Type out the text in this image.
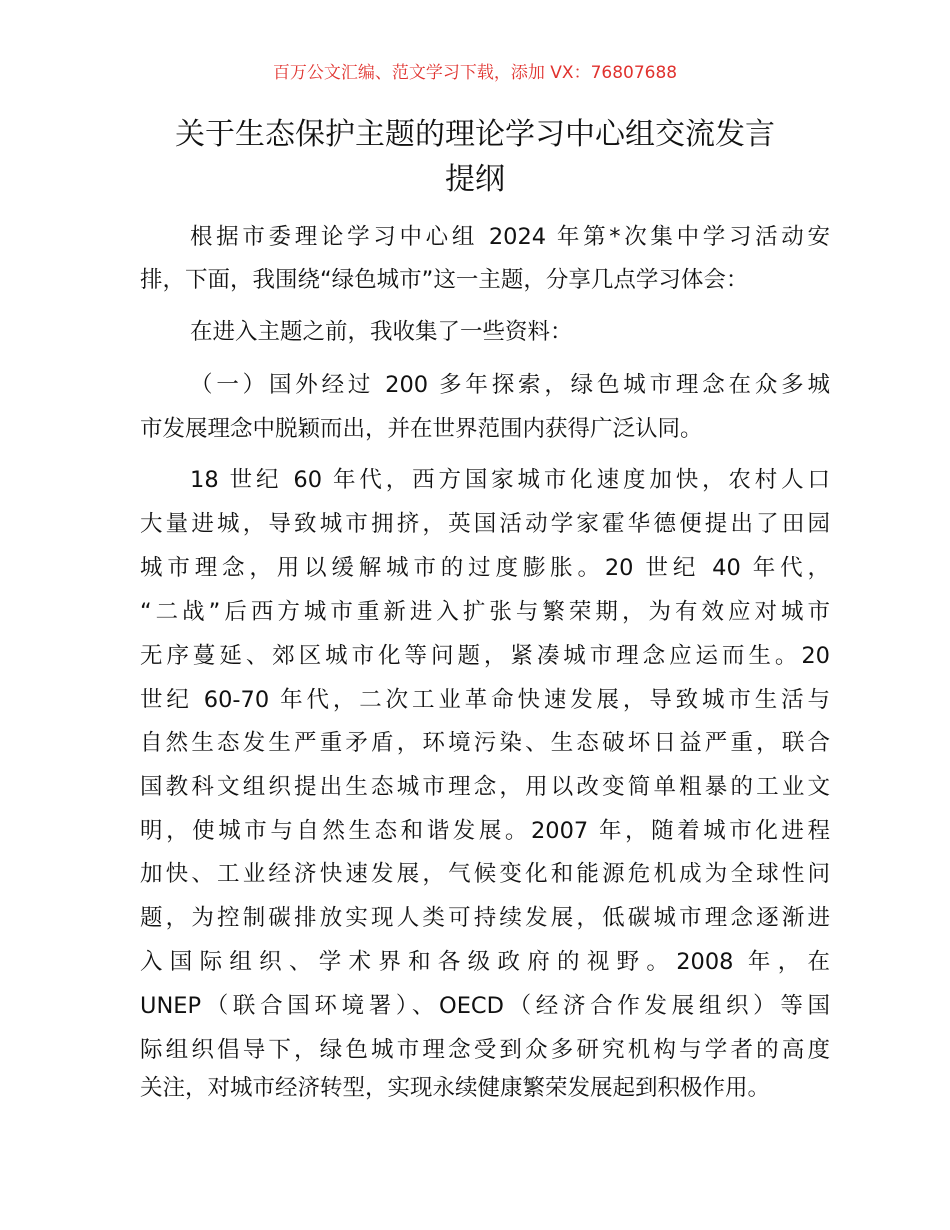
百万公文汇编、范文学习下载，添加 VX：76807688
关于生态保护主题的理论学习中心组交流发言
提纲
根据市委理论学习中心组 2024 年第*次集中学习活动安
排，下面，我围绕“绿色城市”这一主题，分享几点学习体会：
在进入主题之前，我收集了一些资料：
（一）国外经过 200 多年探索，绿色城市理念在众多城
市发展理念中脱颖而出，并在世界范围内获得广泛认同。
18 世纪 60 年代，西方国家城市化速度加快，农村人口
大量进城，导致城市拥挤，英国活动学家霍华德便提出了田园
城市理念，用以缓解城市的过度膨胀。20 世纪 40 年代，
“二战”后西方城市重新进入扩张与繁荣期，为有效应对城市
无序蔓延、郊区城市化等问题，紧凑城市理念应运而生。20
世纪 60-70 年代，二次工业革命快速发展，导致城市生活与
自然生态发生严重矛盾，环境污染、生态破坏日益严重，联合
国教科文组织提出生态城市理念，用以改变简单粗暴的工业文
明，使城市与自然生态和谐发展。2007 年，随着城市化进程
加快、工业经济快速发展，气候变化和能源危机成为全球性问
题，为控制碳排放实现人类可持续发展，低碳城市理念逐渐进
入国际组织、学术界和各级政府的视野。2008 年，在
UNEP（联合国环境署）、OECD（经济合作发展组织）等国
际组织倡导下，绿色城市理念受到众多研究机构与学者的高度
关注，对城市经济转型，实现永续健康繁荣发展起到积极作用。
